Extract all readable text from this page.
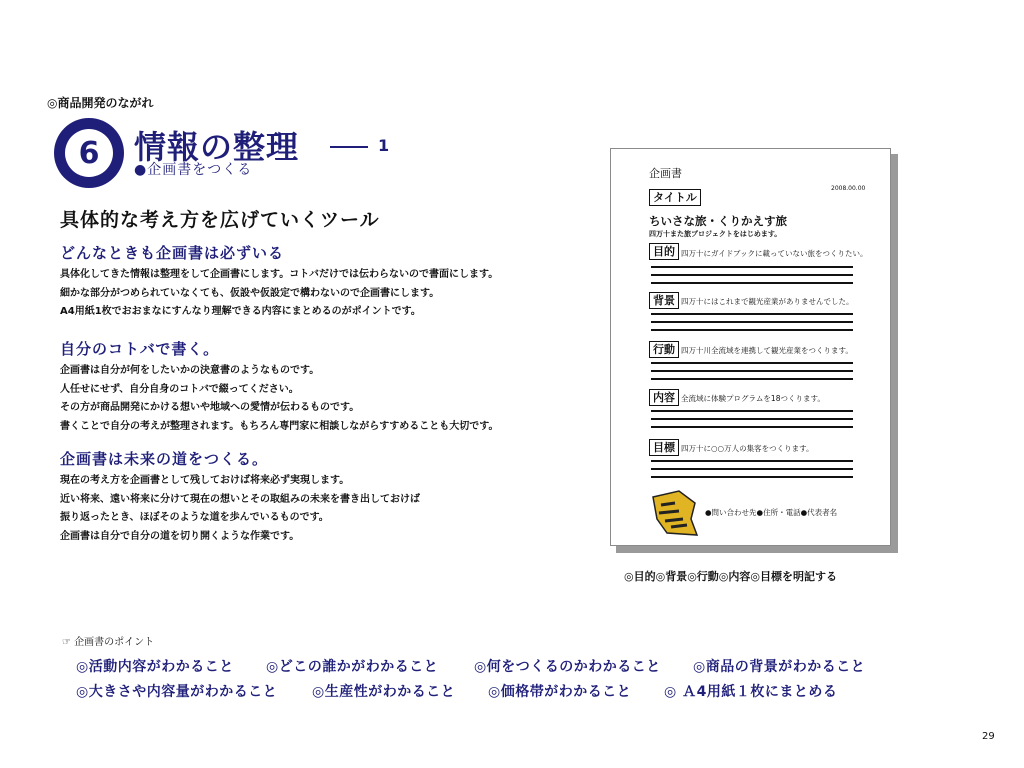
◎商品開発のながれ
6	情報の整理	1
●企画書をつくる
具体的な考え方を広げていくツール
どんなときも企画書は必ずいる
具体化してきた情報は整理をして企画書にします。コトバだけでは伝わらないので書面にします。
細かな部分がつめられていなくても、仮設や仮設定で構わないので企画書にします。
A4用紙1枚でおおまなにすんなり理解できる内容にまとめるのがポイントです。
自分のコトバで書く。
企画書は自分が何をしたいかの決意書のようなものです。
人任せにせず、自分自身のコトバで綴ってください。
その方が商品開発にかける想いや地域への愛情が伝わるものです。
書くことで自分の考えが整理されます。もちろん専門家に相談しながらすすめることも大切です。
企画書は未来の道をつくる。
現在の考え方を企画書として残しておけば将来必ず実現します。
近い将来、遠い将来に分けて現在の想いとその取組みの未来を書き出しておけば
振り返ったとき、ほぼそのような道を歩んでいるものです。
企画書は自分で自分の道を切り開くような作業です。
企画書
2008.00.00
タイトル
ちいさな旅・くりかえす旅
四万十また旅プロジェクトをはじめます。
目的 四万十にガイドブックに載っていない旅をつくりたい。
背景 四万十にはこれまで観光産業がありませんでした。
行動 四万十川全流域を連携して観光産業をつくります。
内容 全流域に体験プログラムを18つくります。
目標 四万十に○○万人の集客をつくります。
●問い合わせ先●住所・電話●代表者名
◎目的◎背景◎行動◎内容◎目標を明記する
☞ 企画書のポイント
◎活動内容がわかること ◎どこの誰かがわかること	◎何をつくるのかわかること ◎商品の背景がわかること
◎大きさや内容量がわかること ◎生産性がわかること ◎価格帯がわかること ◎ Ａ4用紙１枚にまとめる
29
